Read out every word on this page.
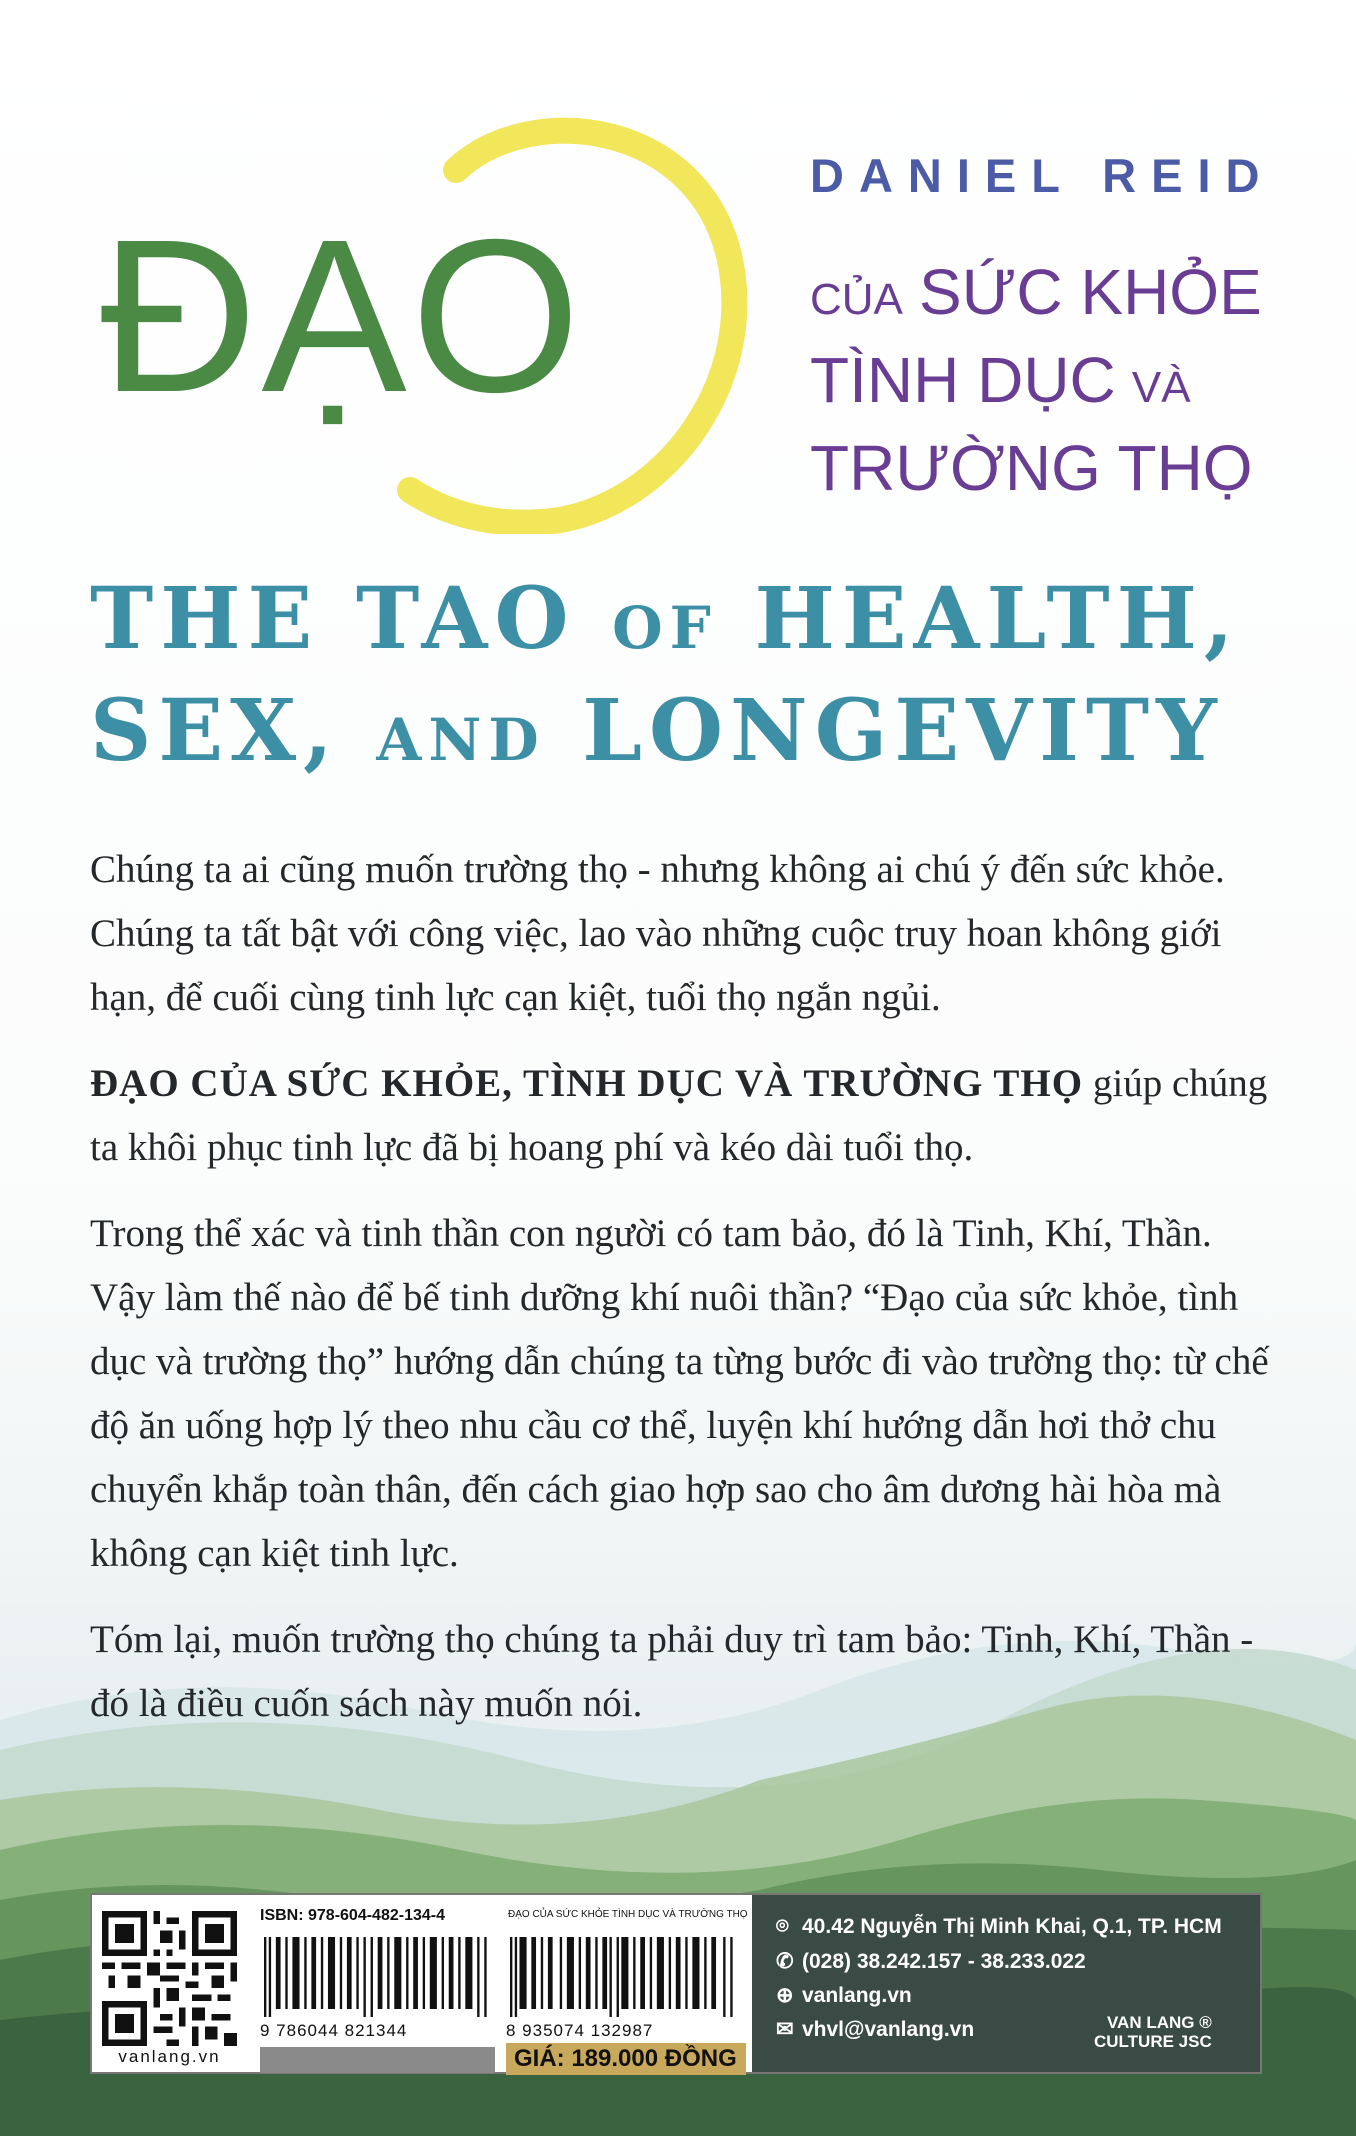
ĐẠO
DANIEL REID
CỦA SỨC KHỎE
TÌNH DỤC VÀ
TRƯỜNG THỌ
THE TAO OF HEALTH,
SEX, AND LONGEVITY

Chúng ta ai cũng muốn trường thọ - nhưng không ai chú ý đến sức khỏe. Chúng ta tất bật với công việc, lao vào những cuộc truy hoan không giới hạn, để cuối cùng tinh lực cạn kiệt, tuổi thọ ngắn ngủi.

ĐẠO CỦA SỨC KHỎE, TÌNH DỤC VÀ TRƯỜNG THỌ giúp chúng ta khôi phục tinh lực đã bị hoang phí và kéo dài tuổi thọ.

Trong thể xác và tinh thần con người có tam bảo, đó là Tinh, Khí, Thần. Vậy làm thế nào để bế tinh dưỡng khí nuôi thần? “Đạo của sức khỏe, tình dục và trường thọ” hướng dẫn chúng ta từng bước đi vào trường thọ: từ chế độ ăn uống hợp lý theo nhu cầu cơ thể, luyện khí hướng dẫn hơi thở chu chuyển khắp toàn thân, đến cách giao hợp sao cho âm dương hài hòa mà không cạn kiệt tinh lực.

Tóm lại, muốn trường thọ chúng ta phải duy trì tam bảo: Tinh, Khí, Thần - đó là điều cuốn sách này muốn nói.

vanlang.vn
ISBN: 978-604-482-134-4
9 786044 821344
ĐẠO CỦA SỨC KHỎE TÌNH DỤC VÀ TRƯỜNG THỌ
8 935074 132987
GIÁ: 189.000 ĐỒNG
⌾ 40.42 Nguyễn Thị Minh Khai, Q.1, TP. HCM
✆ (028) 38.242.157 - 38.233.022
⊕ vanlang.vn
✉ vhvl@vanlang.vn	VAN LANG ®
CULTURE JSC
